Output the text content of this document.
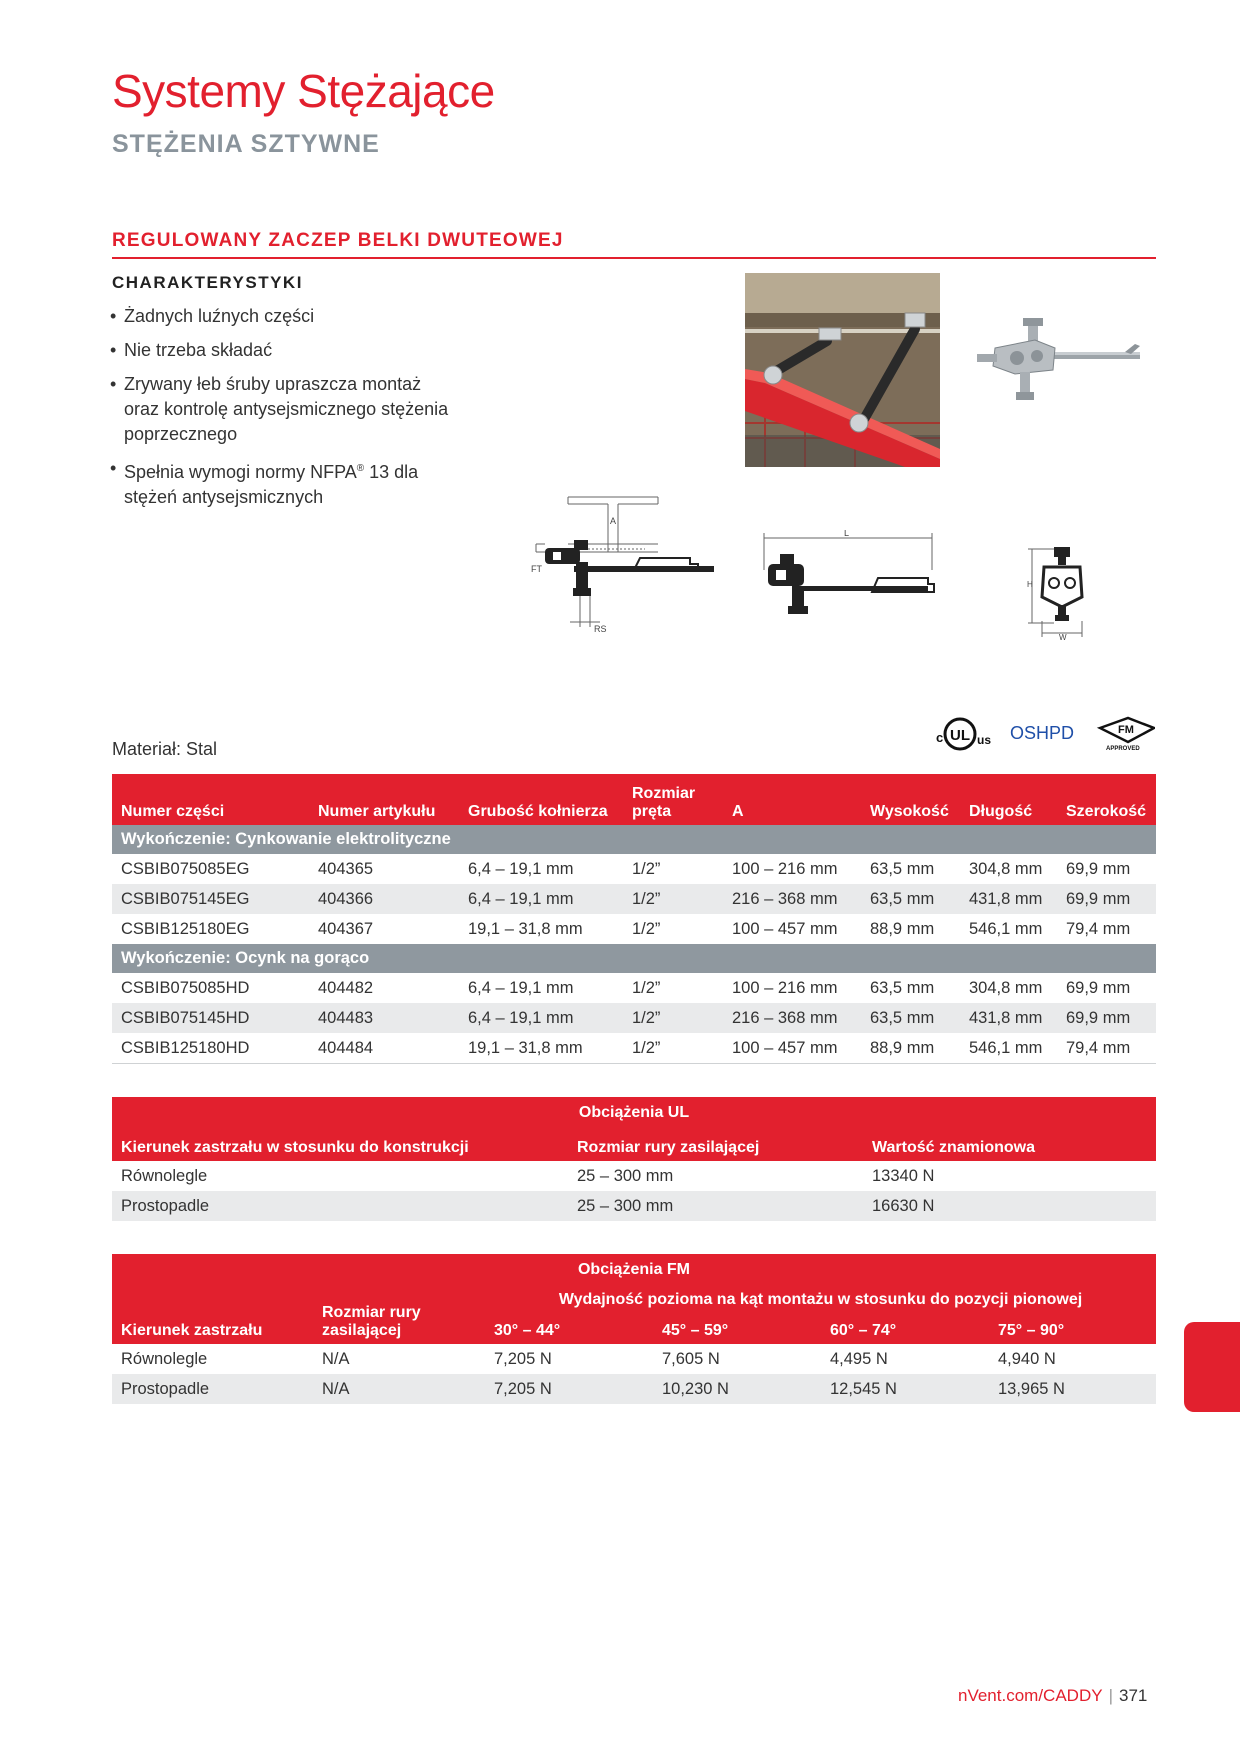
Systemy Stężające
STĘŻENIA SZTYWNE
REGULOWANY ZACZEP BELKI DWUTEOWEJ
CHARAKTERYSTYKI
• Żadnych luźnych części
• Nie trzeba składać
• Zrywany łeb śruby upraszcza montaż oraz kontrolę antysejsmicznego stężenia poprzecznego
• Spełnia wymogi normy NFPA® 13 dla stężeń antysejsmicznych
A
FT
RS
L
H
W
Materiał: Stal
c UL us OSHPD	FM
APPROVED
Numer części	Numer artykułu	Grubość kołnierza	Rozmiar pręta	A	Wysokość	Długość	Szerokość
Wykończenie: Cynkowanie elektrolityczne							
CSBIB075085EG	404365	6,4 – 19,1 mm	1/2”	100 – 216 mm	63,5 mm	304,8 mm	69,9 mm
CSBIB075145EG	404366	6,4 – 19,1 mm	1/2”	216 – 368 mm	63,5 mm	431,8 mm	69,9 mm
CSBIB125180EG	404367	19,1 – 31,8 mm	1/2”	100 – 457 mm	88,9 mm	546,1 mm	79,4 mm
Wykończenie: Ocynk na gorąco							
CSBIB075085HD	404482	6,4 – 19,1 mm	1/2”	100 – 216 mm	63,5 mm	304,8 mm	69,9 mm
CSBIB075145HD	404483	6,4 – 19,1 mm	1/2”	216 – 368 mm	63,5 mm	431,8 mm	69,9 mm
CSBIB125180HD	404484	19,1 – 31,8 mm	1/2”	100 – 457 mm	88,9 mm	546,1 mm	79,4 mm
Obciążenia UL		
Kierunek zastrzału w stosunku do konstrukcji	Rozmiar rury zasilającej	Wartość znamionowa
Równolegle	25 – 300 mm	13340 N
Prostopadle	25 – 300 mm	16630 N
Obciążenia FM					
Kierunek zastrzału	Rozmiar rury zasilającej	Wydajność pozioma na kąt montażu w stosunku do pozycji pionowej			
		30° – 44°	45° – 59°	60° – 74°	75° – 90°
Równolegle	N/A	7,205 N	7,605 N	4,495 N	4,940 N
Prostopadle	N/A	7,205 N	10,230 N	12,545 N	13,965 N
nVent.com/CADDY | 371
